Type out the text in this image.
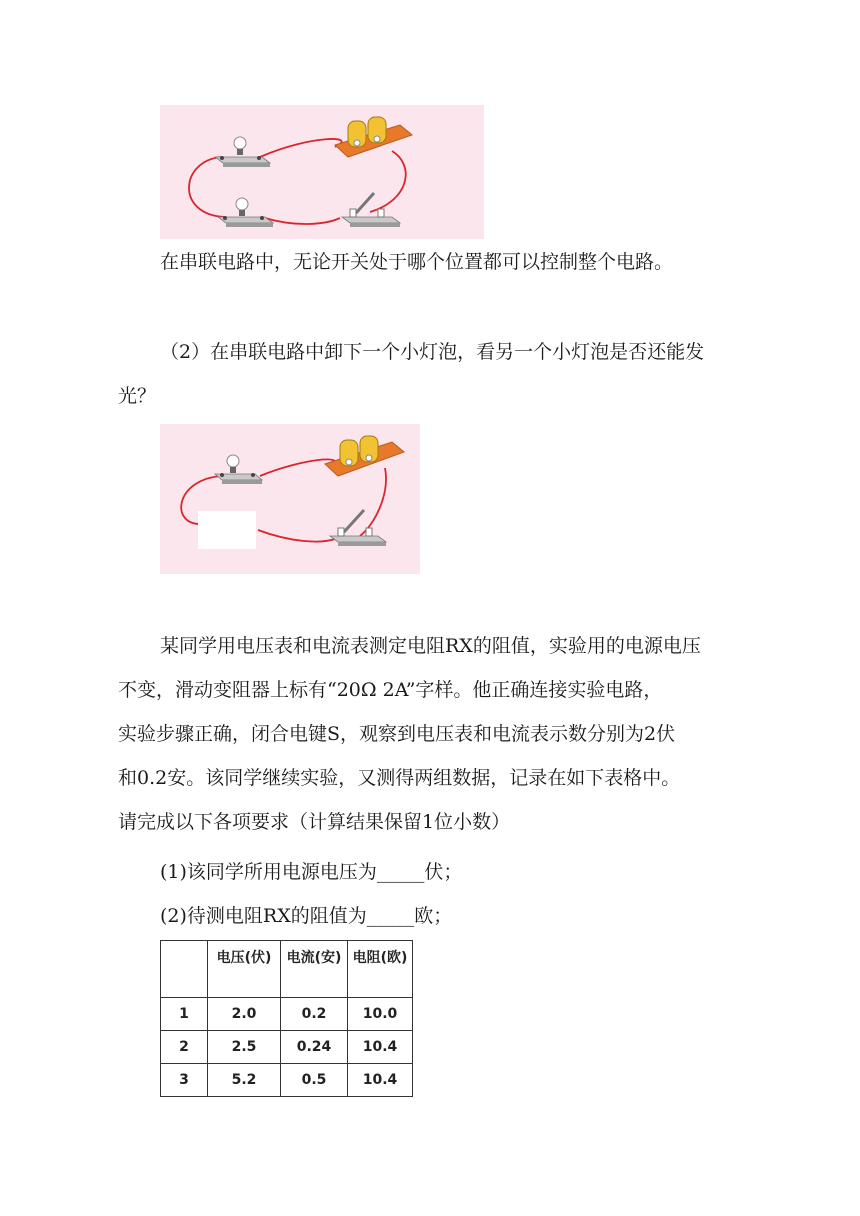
在串联电路中，无论开关处于哪个位置都可以控制整个电路。
（2）在串联电路中卸下一个小灯泡，看另一个小灯泡是否还能发
光？
某同学用电压表和电流表测定电阻RX的阻值，实验用的电源电压
不变，滑动变阻器上标有“20Ω 2A”字样。他正确连接实验电路，
实验步骤正确，闭合电键S，观察到电压表和电流表示数分别为2伏
和0.2安。该同学继续实验，又测得两组数据，记录在如下表格中。
请完成以下各项要求（计算结果保留1位小数）
(1)该同学所用电源电压为_____伏；
(2)待测电阻RX的阻值为_____欧；
	电压(伏)	电流(安)	电阻(欧)
1	2.0	0.2	10.0
2	2.5	0.24	10.4
3	5.2	0.5	10.4
